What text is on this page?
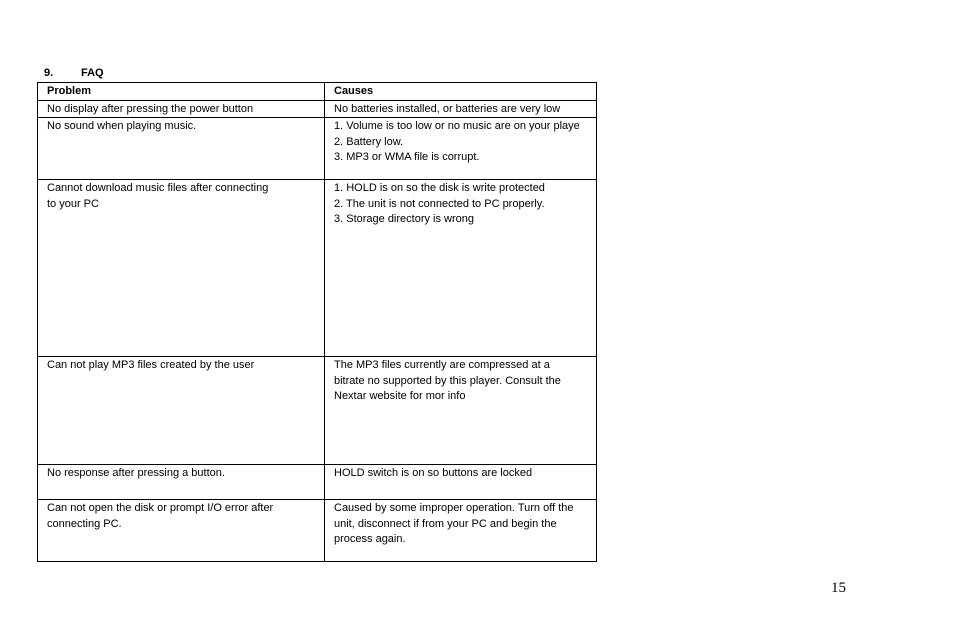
9.	FAQ
Problem	Causes

No display after pressing the power button	No batteries installed, or batteries are very low

No sound when playing music.	1. Volume is too low or no music are on your playe
2. Battery low.
3. MP3 or WMA file is corrupt.

Cannot download music files after connecting
to your PC	1. HOLD is on so the disk is write protected
2. The unit is not connected to PC properly.
3. Storage directory is wrong

Can not play MP3 files created by the user	The MP3 files currently are compressed at a
bitrate no supported by this player. Consult the
Nextar website for mor info

No response after pressing a button.	HOLD switch is on so buttons are locked

Can not open the disk or prompt I/O error after
connecting PC.	Caused by some improper operation. Turn off the
unit, disconnect if from your PC and begin the
process again.
15
